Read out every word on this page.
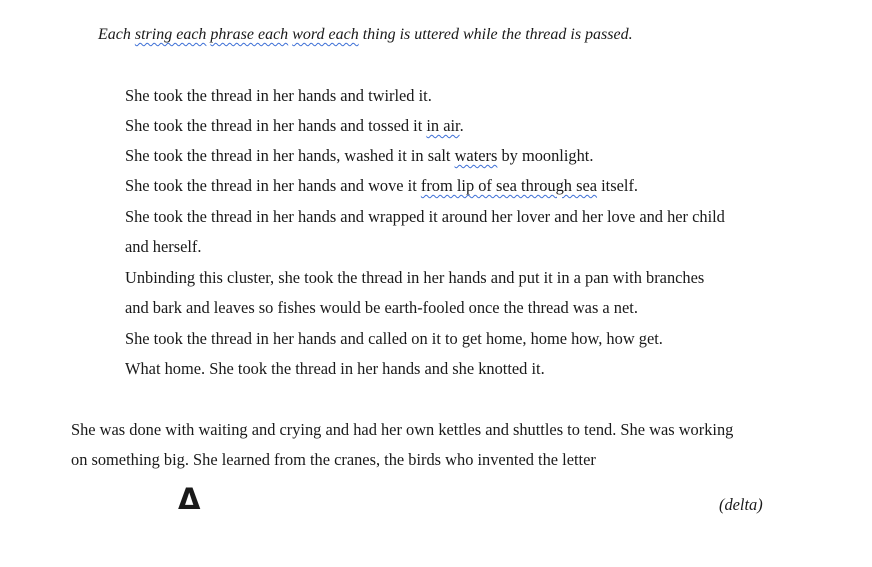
Each string each phrase each word each thing is uttered while the thread is passed.
She took the thread in her hands and twirled it.
She took the thread in her hands and tossed it in air.
She took the thread in her hands, washed it in salt waters by moonlight.
She took the thread in her hands and wove it from lip of sea through sea itself.
She took the thread in her hands and wrapped it around her lover and her love and her child
and herself.
Unbinding this cluster, she took the thread in her hands and put it in a pan with branches
and bark and leaves so fishes would be earth-fooled once the thread was a net.
She took the thread in her hands and called on it to get home, home how, how get.
What home. She took the thread in her hands and she knotted it.
She was done with waiting and crying and had her own kettles and shuttles to tend. She was working
on something big. She learned from the cranes, the birds who invented the letter
Δ	(delta)
